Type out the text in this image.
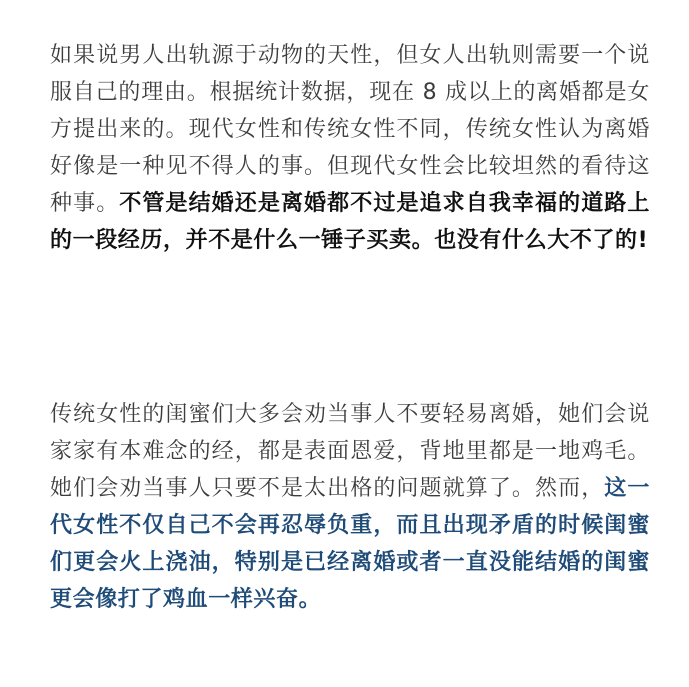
如果说男人出轨源于动物的天性，但女人出轨则需要一个说服自己的理由。根据统计数据，现在 8 成以上的离婚都是女方提出来的。现代女性和传统女性不同，传统女性认为离婚好像是一种见不得人的事。但现代女性会比较坦然的看待这种事。不管是结婚还是离婚都不过是追求自我幸福的道路上的一段经历，并不是什么一锤子买卖。也没有什么大不了的!

传统女性的闺蜜们大多会劝当事人不要轻易离婚，她们会说家家有本难念的经，都是表面恩爱，背地里都是一地鸡毛。她们会劝当事人只要不是太出格的问题就算了。然而，这一代女性不仅自己不会再忍辱负重，而且出现矛盾的时候闺蜜们更会火上浇油，特别是已经离婚或者一直没能结婚的闺蜜更会像打了鸡血一样兴奋。
